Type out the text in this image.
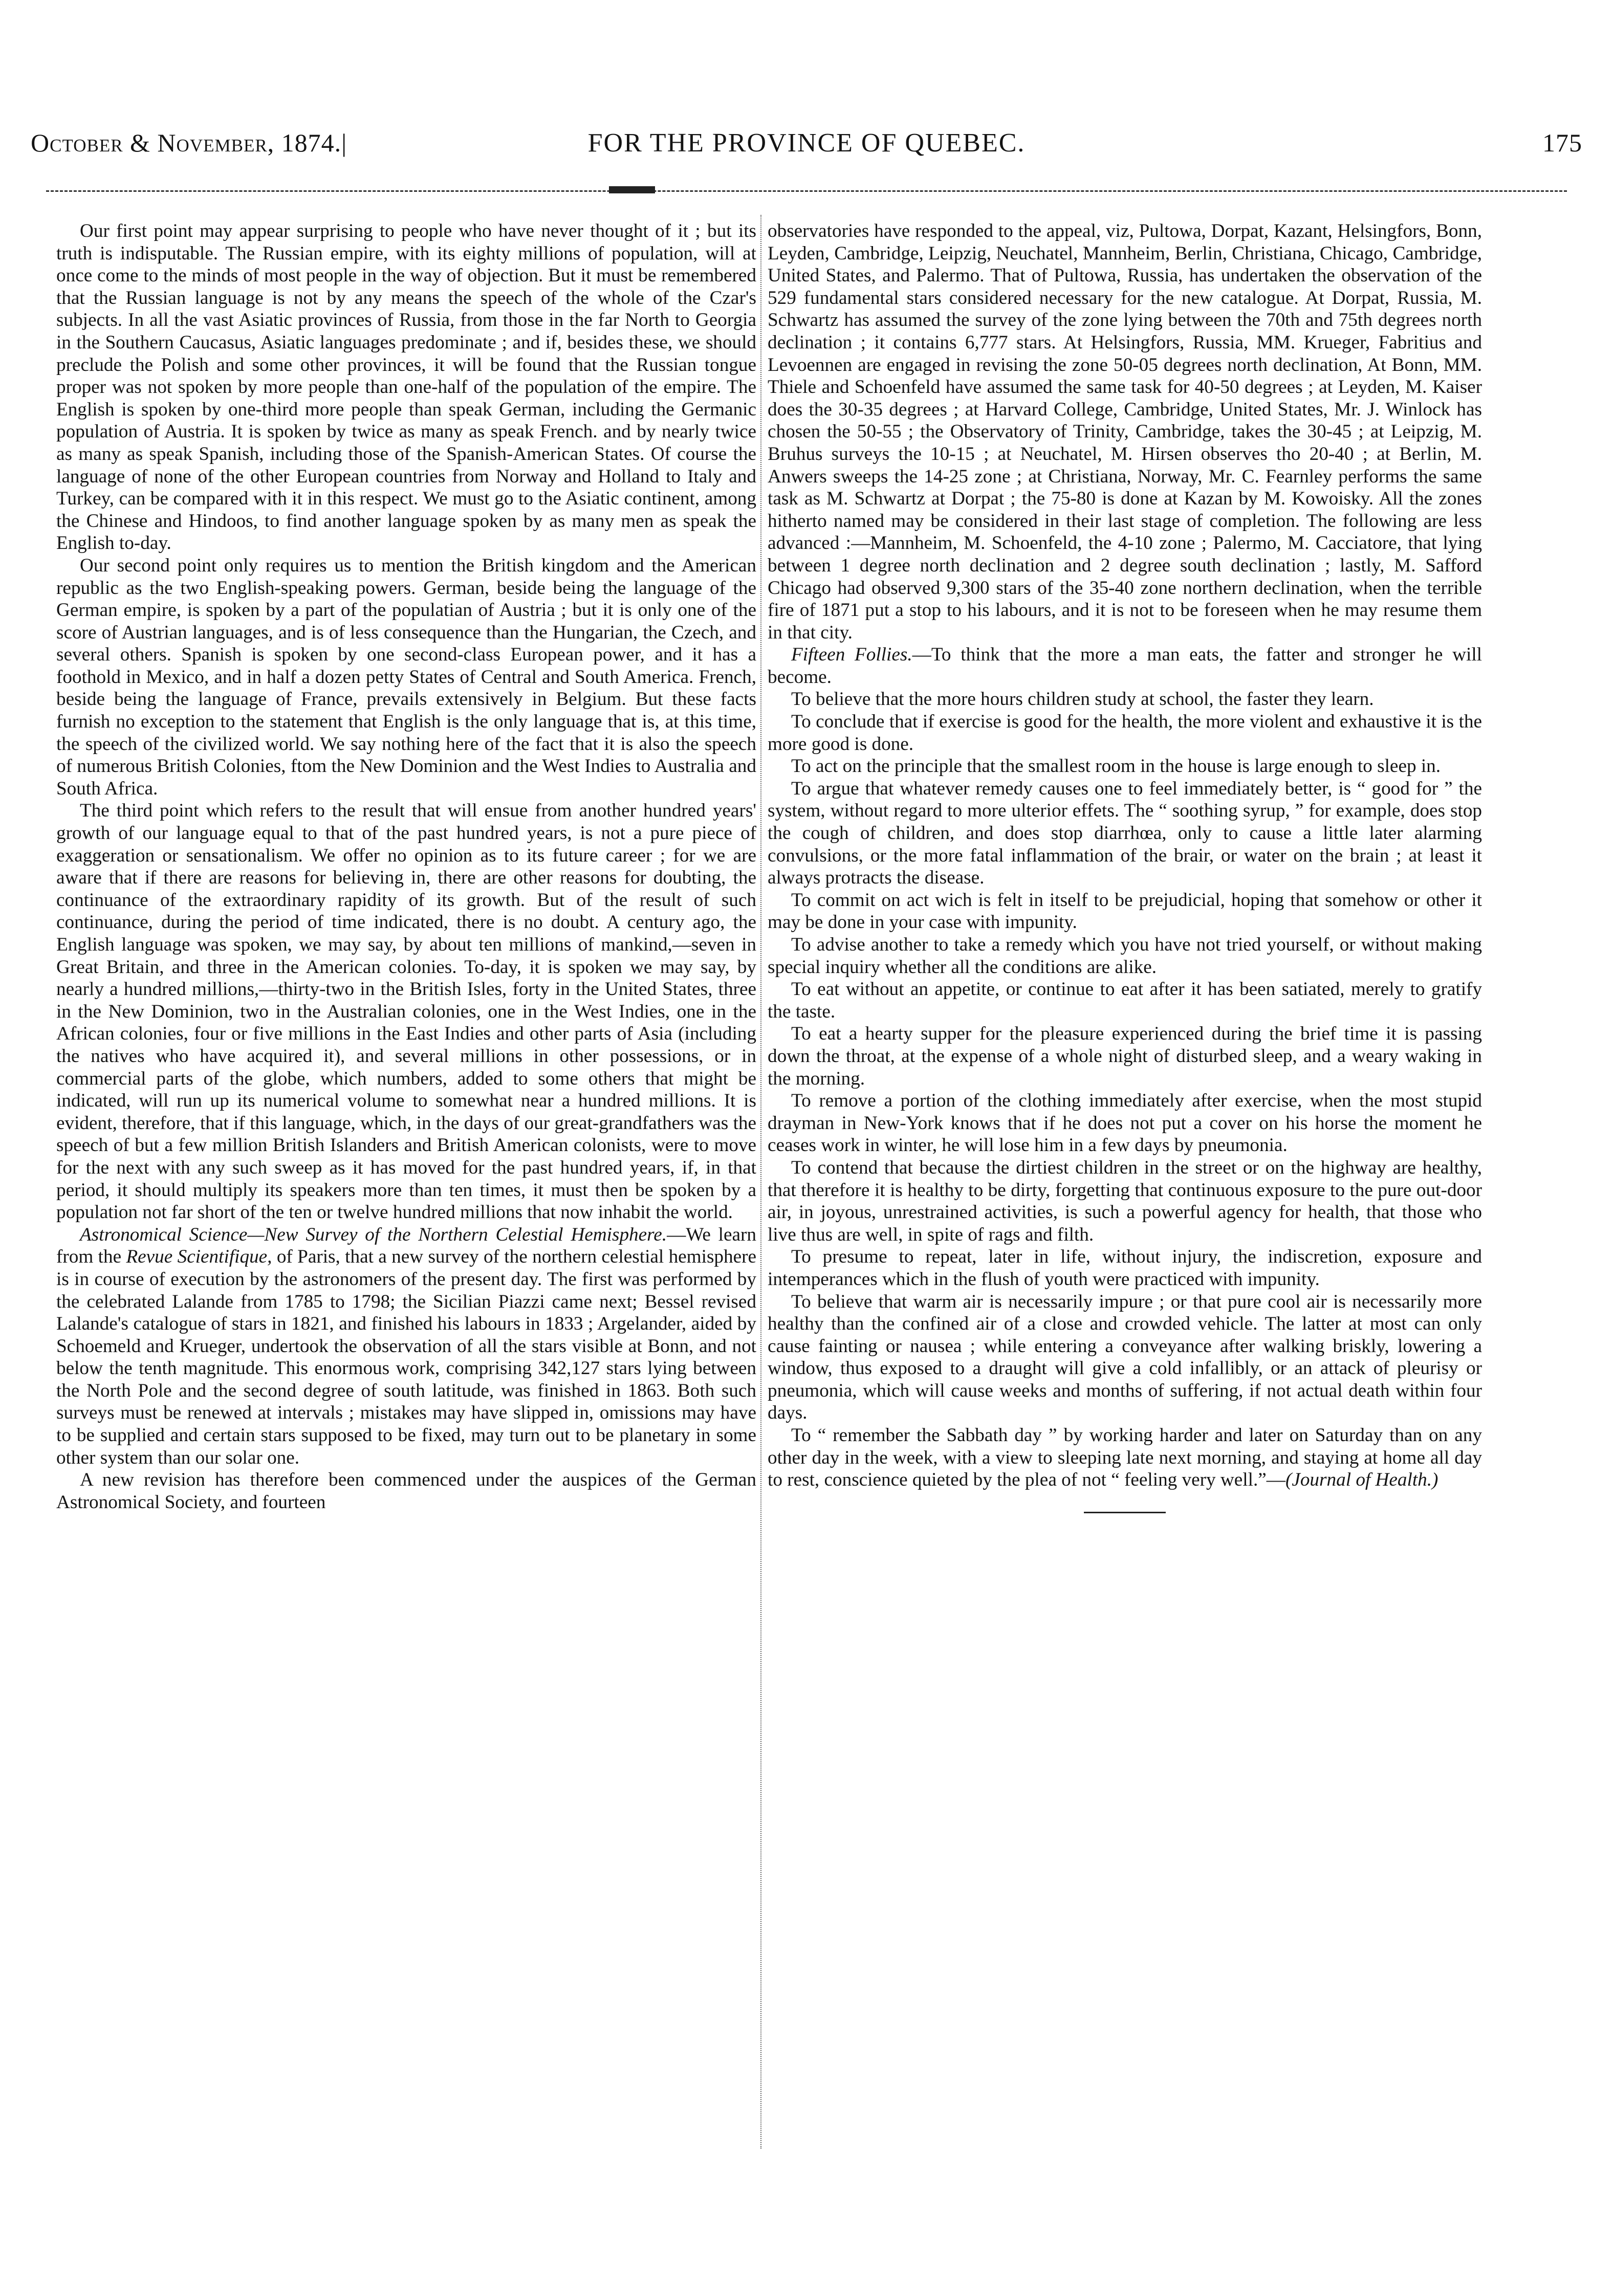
October & November, 1874.|	FOR THE PROVINCE OF QUEBEC.	175

Our first point may appear surprising to people who have never thought of it ; but its truth is indisputable. The Russian empire, with its eighty millions of population, will at once come to the minds of most people in the way of objection. But it must be remembered that the Russian language is not by any means the speech of the whole of the Czar's subjects. In all the vast Asiatic provinces of Russia, from those in the far North to Georgia in the Southern Caucasus, Asiatic languages predominate ; and if, besides these, we should preclude the Polish and some other provinces, it will be found that the Russian tongue proper was not spoken by more people than one-half of the population of the empire. The English is spoken by one-third more people than speak German, including the Germanic population of Austria. It is spoken by twice as many as speak French. and by nearly twice as many as speak Spanish, including those of the Spanish-American States. Of course the language of none of the other European countries from Norway and Holland to Italy and Turkey, can be compared with it in this respect. We must go to the Asiatic continent, among the Chinese and Hindoos, to find another language spoken by as many men as speak the English to-day.

Our second point only requires us to mention the British kingdom and the American republic as the two English-speaking powers. German, beside being the language of the German empire, is spoken by a part of the populatian of Austria ; but it is only one of the score of Austrian languages, and is of less consequence than the Hungarian, the Czech, and several others. Spanish is spoken by one second-class European power, and it has a foothold in Mexico, and in half a dozen petty States of Central and South America. French, beside being the language of France, prevails extensively in Belgium. But these facts furnish no exception to the statement that English is the only language that is, at this time, the speech of the civilized world. We say nothing here of the fact that it is also the speech of numerous British Colonies, ftom the New Dominion and the West Indies to Australia and South Africa.

The third point which refers to the result that will ensue from another hundred years' growth of our language equal to that of the past hundred years, is not a pure piece of exaggeration or sensationalism. We offer no opinion as to its future career ; for we are aware that if there are reasons for believing in, there are other reasons for doubting, the continuance of the extraordinary rapidity of its growth. But of the result of such continuance, during the period of time indicated, there is no doubt. A century ago, the English language was spoken, we may say, by about ten millions of mankind,—seven in Great Britain, and three in the American colonies. To-day, it is spoken we may say, by nearly a hundred millions,—thirty-two in the British Isles, forty in the United States, three in the New Dominion, two in the Australian colonies, one in the West Indies, one in the African colonies, four or five millions in the East Indies and other parts of Asia (including the natives who have acquired it), and several millions in other possessions, or in commercial parts of the globe, which numbers, added to some others that might be indicated, will run up its numerical volume to somewhat near a hundred millions. It is evident, therefore, that if this language, which, in the days of our great-grandfathers was the speech of but a few million British Islanders and British American colonists, were to move for the next with any such sweep as it has moved for the past hundred years, if, in that period, it should multiply its speakers more than ten times, it must then be spoken by a population not far short of the ten or twelve hundred millions that now inhabit the world.

Astronomical Science—New Survey of the Northern Celestial Hemisphere.—We learn from the Revue Scientifique, of Paris, that a new survey of the northern celestial hemisphere is in course of execution by the astronomers of the present day. The first was performed by the celebrated Lalande from 1785 to 1798; the Sicilian Piazzi came next; Bessel revised Lalande's catalogue of stars in 1821, and finished his labours in 1833 ; Argelander, aided by Schoemeld and Krueger, undertook the observation of all the stars visible at Bonn, and not below the tenth magnitude. This enormous work, comprising 342,127 stars lying between the North Pole and the second degree of south latitude, was finished in 1863. Both such surveys must be renewed at intervals ; mistakes may have slipped in, omissions may have to be supplied and certain stars supposed to be fixed, may turn out to be planetary in some other system than our solar one.

A new revision has therefore been commenced under the auspices of the German Astronomical Society, and fourteen

observatories have responded to the appeal, viz, Pultowa, Dorpat, Kazant, Helsingfors, Bonn, Leyden, Cambridge, Leipzig, Neuchatel, Mannheim, Berlin, Christiana, Chicago, Cambridge, United States, and Palermo. That of Pultowa, Russia, has undertaken the observation of the 529 fundamental stars considered necessary for the new catalogue. At Dorpat, Russia, M. Schwartz has assumed the survey of the zone lying between the 70th and 75th degrees north declination ; it contains 6,777 stars. At Helsingfors, Russia, MM. Krueger, Fabritius and Levoennen are engaged in revising the zone 50-05 degrees north declination, At Bonn, MM. Thiele and Schoenfeld have assumed the same task for 40-50 degrees ; at Leyden, M. Kaiser does the 30-35 degrees ; at Harvard College, Cambridge, United States, Mr. J. Winlock has chosen the 50-55 ; the Observatory of Trinity, Cambridge, takes the 30-45 ; at Leipzig, M. Bruhus surveys the 10-15 ; at Neuchatel, M. Hirsen observes tho 20-40 ; at Berlin, M. Anwers sweeps the 14-25 zone ; at Christiana, Norway, Mr. C. Fearnley performs the same task as M. Schwartz at Dorpat ; the 75-80 is done at Kazan by M. Kowoisky. All the zones hitherto named may be considered in their last stage of completion. The following are less advanced :—Mannheim, M. Schoenfeld, the 4-10 zone ; Palermo, M. Cacciatore, that lying between 1 degree north declination and 2 degree south declination ; lastly, M. Safford Chicago had observed 9,300 stars of the 35-40 zone northern declination, when the terrible fire of 1871 put a stop to his labours, and it is not to be foreseen when he may resume them in that city.

Fifteen Follies.—To think that the more a man eats, the fatter and stronger he will become.

To believe that the more hours children study at school, the faster they learn.

To conclude that if exercise is good for the health, the more violent and exhaustive it is the more good is done.

To act on the principle that the smallest room in the house is large enough to sleep in.

To argue that whatever remedy causes one to feel immediately better, is “ good for ” the system, without regard to more ulterior effets. The “ soothing syrup, ” for example, does stop the cough of children, and does stop diarrhœa, only to cause a little later alarming convulsions, or the more fatal inflammation of the brair, or water on the brain ; at least it always protracts the disease.

To commit on act wich is felt in itself to be prejudicial, hoping that somehow or other it may be done in your case with impunity.

To advise another to take a remedy which you have not tried yourself, or without making special inquiry whether all the conditions are alike.

To eat without an appetite, or continue to eat after it has been satiated, merely to gratify the taste.

To eat a hearty supper for the pleasure experienced during the brief time it is passing down the throat, at the expense of a whole night of disturbed sleep, and a weary waking in the morning.

To remove a portion of the clothing immediately after exercise, when the most stupid drayman in New-York knows that if he does not put a cover on his horse the moment he ceases work in winter, he will lose him in a few days by pneumonia.

To contend that because the dirtiest children in the street or on the highway are healthy, that therefore it is healthy to be dirty, forgetting that continuous exposure to the pure out-door air, in joyous, unrestrained activities, is such a powerful agency for health, that those who live thus are well, in spite of rags and filth.

To presume to repeat, later in life, without injury, the indiscretion, exposure and intemperances which in the flush of youth were practiced with impunity.

To believe that warm air is necessarily impure ; or that pure cool air is necessarily more healthy than the confined air of a close and crowded vehicle. The latter at most can only cause fainting or nausea ; while entering a conveyance after walking briskly, lowering a window, thus exposed to a draught will give a cold infallibly, or an attack of pleurisy or pneumonia, which will cause weeks and months of suffering, if not actual death within four days.

To “ remember the Sabbath day ” by working harder and later on Saturday than on any other day in the week, with a view to sleeping late next morning, and staying at home all day to rest, conscience quieted by the plea of not “ feeling very well.”—(Journal of Health.)
